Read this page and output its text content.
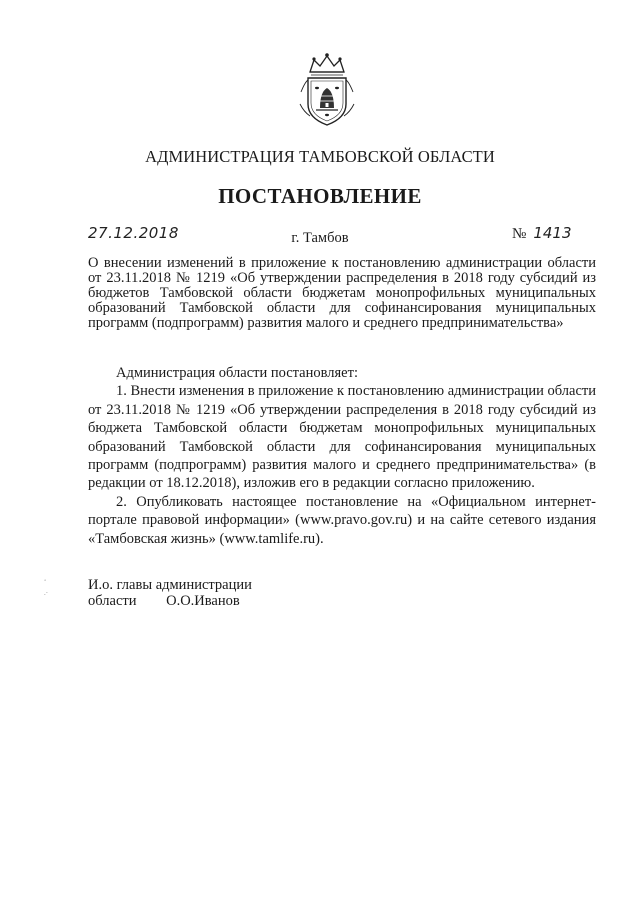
АДМИНИСТРАЦИЯ ТАМБОВСКОЙ ОБЛАСТИ
ПОСТАНОВЛЕНИЕ
27.12.2018	г. Тамбов	№ 1413
О внесении изменений в приложение к постановлению администрации области от 23.11.2018 № 1219 «Об утверждении распределения в 2018 году субсидий из бюджетов Тамбовской области бюджетам монопрофильных муниципальных образований Тамбовской области для софинансирования муниципальных программ (подпрограмм) развития малого и среднего предпринимательства»

Администрация области постановляет:

1. Внести изменения в приложение к постановлению администрации области от 23.11.2018 № 1219 «Об утверждении распределения в 2018 году субсидий из бюджета Тамбовской области бюджетам монопрофильных муниципальных образований Тамбовской области для софинансирования муниципальных программ (подпрограмм) развития малого и среднего предпринимательства» (в редакции от 18.12.2018), изложив его в редакции согласно приложению.

2. Опубликовать настоящее постановление на «Официальном интернет-портале правовой информации» (www.pravo.gov.ru) и на сайте сетевого издания «Тамбовская жизнь» (www.tamlife.ru).

˚
.·	И.о. главы администрации
области О.О.Иванов
